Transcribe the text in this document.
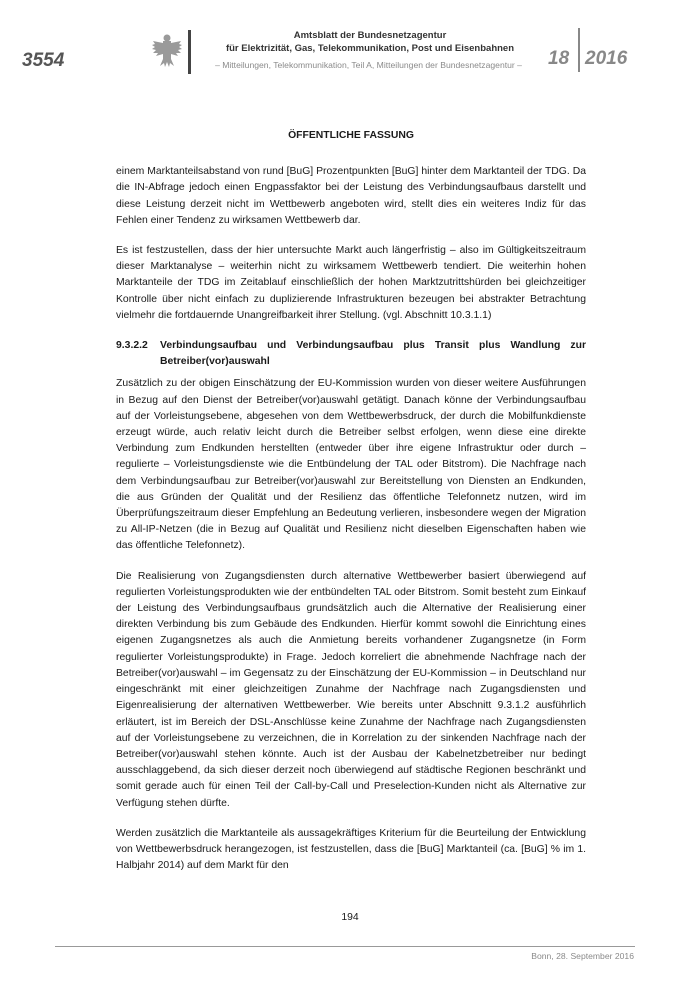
3554
Amtsblatt der Bundesnetzagentur
für Elektrizität, Gas, Telekommunikation, Post und Eisenbahnen
– Mitteilungen, Telekommunikation, Teil A, Mitteilungen der Bundesnetzagentur –	18 2016
ÖFFENTLICHE FASSUNG

einem Marktanteilsabstand von rund [BuG] Prozentpunkten [BuG] hinter dem Marktanteil der TDG. Da die IN-Abfrage jedoch einen Engpassfaktor bei der Leistung des Verbindungsaufbaus darstellt und diese Leistung derzeit nicht im Wettbewerb angeboten wird, stellt dies ein weiteres Indiz für das Fehlen einer Tendenz zu wirksamen Wettbewerb dar.

Es ist festzustellen, dass der hier untersuchte Markt auch längerfristig – also im Gültigkeitszeitraum dieser Marktanalyse – weiterhin nicht zu wirksamem Wettbewerb tendiert. Die weiterhin hohen Marktanteile der TDG im Zeitablauf einschließlich der hohen Marktzutrittshürden bei gleichzeitiger Kontrolle über nicht einfach zu duplizierende Infrastrukturen bezeugen bei abstrakter Betrachtung vielmehr die fortdauernde Unangreifbarkeit ihrer Stellung. (vgl. Abschnitt 10.3.1.1)

9.3.2.2	Verbindungsaufbau und Verbindungsaufbau plus Transit plus Wandlung zur Betreiber(vor)auswahl

Zusätzlich zu der obigen Einschätzung der EU-Kommission wurden von dieser weitere Ausführungen in Bezug auf den Dienst der Betreiber(vor)auswahl getätigt. Danach könne der Verbindungsaufbau auf der Vorleistungsebene, abgesehen von dem Wettbewerbsdruck, der durch die Mobilfunkdienste erzeugt würde, auch relativ leicht durch die Betreiber selbst erfolgen, wenn diese eine direkte Verbindung zum Endkunden herstellten (entweder über ihre eigene Infrastruktur oder durch – regulierte – Vorleistungsdienste wie die Entbündelung der TAL oder Bitstrom). Die Nachfrage nach dem Verbindungsaufbau zur Betreiber(vor)auswahl zur Bereitstellung von Diensten an Endkunden, die aus Gründen der Qualität und der Resilienz das öffentliche Telefonnetz nutzen, wird im Überprüfungszeitraum dieser Empfehlung an Bedeutung verlieren, insbesondere wegen der Migration zu All-IP-Netzen (die in Bezug auf Qualität und Resilienz nicht dieselben Eigenschaften haben wie das öffentliche Telefonnetz).

Die Realisierung von Zugangsdiensten durch alternative Wettbewerber basiert überwiegend auf regulierten Vorleistungsprodukten wie der entbündelten TAL oder Bitstrom. Somit besteht zum Einkauf der Leistung des Verbindungsaufbaus grundsätzlich auch die Alternative der Realisierung einer direkten Verbindung bis zum Gebäude des Endkunden. Hierfür kommt sowohl die Einrichtung eines eigenen Zugangsnetzes als auch die Anmietung bereits vorhandener Zugangsnetze (in Form regulierter Vorleistungsprodukte) in Frage. Jedoch korreliert die abnehmende Nachfrage nach der Betreiber(vor)auswahl – im Gegensatz zu der Einschätzung der EU-Kommission – in Deutschland nur eingeschränkt mit einer gleichzeitigen Zunahme der Nachfrage nach Zugangsdiensten und Eigenrealisierung der alternativen Wettbewerber. Wie bereits unter Abschnitt 9.3.1.2 ausführlich erläutert, ist im Bereich der DSL-Anschlüsse keine Zunahme der Nachfrage nach Zugangsdiensten auf der Vorleistungsebene zu verzeichnen, die in Korrelation zu der sinkenden Nachfrage nach der Betreiber(vor)auswahl stehen könnte. Auch ist der Ausbau der Kabelnetzbetreiber nur bedingt ausschlaggebend, da sich dieser derzeit noch überwiegend auf städtische Regionen beschränkt und somit gerade auch für einen Teil der Call-by-Call und Preselection-Kunden nicht als Alternative zur Verfügung stehen dürfte.

Werden zusätzlich die Marktanteile als aussagekräftiges Kriterium für die Beurteilung der Entwicklung von Wettbewerbsdruck herangezogen, ist festzustellen, dass die [BuG] Marktanteil (ca. [BuG] % im 1. Halbjahr 2014) auf dem Markt für den

194
Bonn, 28. September 2016
